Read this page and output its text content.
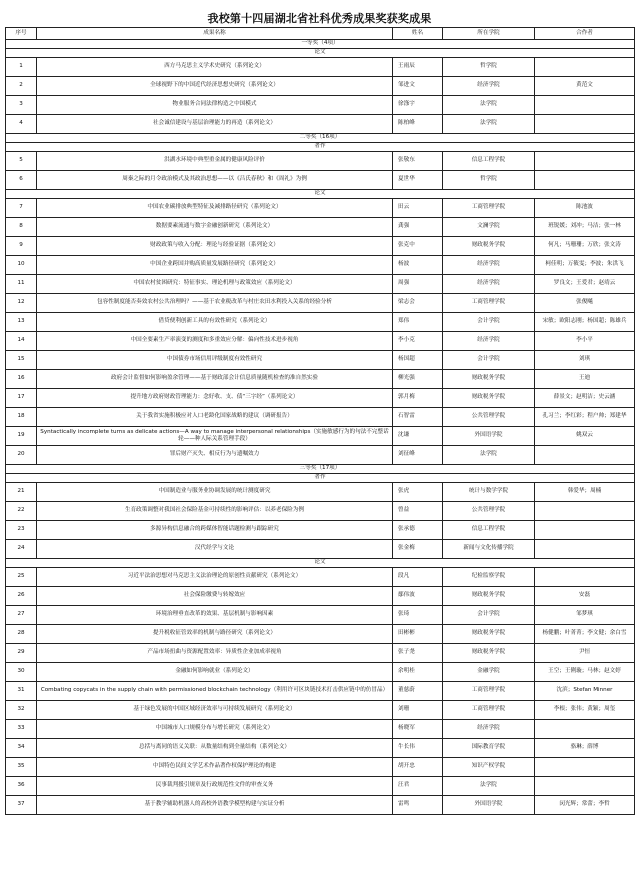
我校第十四届湖北省社科优秀成果奖获奖成果
序号	成果名称	姓名	所在学院	合作者
一等奖（4项）				
论文				
1	西方马克思主义学术史研究（系列论文）	王雨辰	哲学院	
2	全球视野下的中国近代经济思想史研究（系列论文）	邹进文	经济学院	黄范文
3	物业服务合同法律构造之中国模式	徐涤宇	法学院	
4	社会诚信建设与基层治理能力的再造（系列论文）	陈柏峰	法学院	
二等奖（16项）				
著作				
5	洪湖水环境中典型重金属的健康风险评价	张敬东	信息工程学院	
6	周秦之际的月令政治模式及其政治思想——以《吕氏春秋》和《周礼》为例	夏世华	哲学院	
论文				
7	中国农业碳排放典型特征及减排路径研究（系列论文）	田云	工商管理学院	陈池波
8	数据要素流通与数字金融创新研究（系列论文）	龚强	文澜学院	班锐媛；刘冲；马洁；张一林
9	财政政策与收入分配：理论与经验证据（系列论文）	张克中	财政税务学院	何凡；马珊珊；万欣；张文涛
10	中国企业跨国并购高质量发展路径研究（系列论文）	杨波	经济学院	柯佳明；万筱雯；李波；朱洪飞
11	中国农村贫困研究：特征事实、理论机理与政策效应（系列论文）	周强	经济学院	罗良文；王爱君；赵靖云
12	包容性制度能否奏效农村公共治理吗？——基于农业税改革与村庄农田水利投入关系的经验分析	梁志会	工商管理学院	张俊飚
13	借贷便利创新工具的有效性研究（系列论文）	郑伟	会计学院	宋敏；欧阳志刚；杨国超；陈雄兵
14	中国全要素生产率演变的测度和多重效应分解：偏向性技术进步视角	李小克	经济学院	李小平
15	中国债券市场信用评级制度有效性研究	杨国超	会计学院	刘琪
16	政府会计监督如何影响盈余管理——基于财政部会计信息质量随机检查的准自然实验	柳光强	财政税务学院	王迪
17	提升地方政府财政管理能力：念好收、支、债“三字经”（系列论文）	郭月梅	财政税务学院	薛景文；赵明洁；史云涵
18	关于我省实施积极应对人口老龄化国家战略的建议（调研报告）	石智雷	公共管理学院	孔习兰；李红彩；程户帅；郑建华
19	Syntactically incomplete turns as delicate actions—A way to manage interpersonal relationships（实施敏感行为的句法不完整话轮——种人际关系管理手段）	沈谦	外国语学院	姚双云
20	罪后财产灭失、相反行为与遗嘱效力	刘征峰	法学院	
三等奖（17项）				
著作				
21	中国制造业与服务业协调发展的统计测度研究	张虎	统计与数学学院	韩爱华；周楠
22	生育政策调整对我国社会保险基金可持续性的影响评估：以养老保险为例	曾益	公共管理学院	
23	多源异构信息融合的跨媒体智能话题检测与跟踪研究	张承德	信息工程学院	
24	汉代经学与文论	张金梅	新闻与文化传播学院	
论文				
25	习近平法治思想对马克思主义法治理论的原创性贡献研究（系列论文）	段凡	纪检监察学院	
26	社会保险缴费与转嫁效应	鄢伟波	财政税务学院	安磊
27	环境治理垂直改革的效果、基层机制与影响因素	张琦	会计学院	邹梦琪
28	提升税收征管效率的机制与路径研究（系列论文）	田彬彬	财政税务学院	杨健鹏；叶菁菁；李文健；余白雪
29	产品市场扭曲与资源配置效率：异质性企业加成率视角	张子尧	财政税务学院	尹恒
30	金融如何影响就业（系列论文）	余明桂	金融学院	王空；王俐璇；马林；赵文婷
31	Combating copycats in the supply chain with permissioned blockchain technology（利用许可区块链技术打击供应链中的仿冒品）	董慈蔚	工商管理学院	沈滨；Stefan Minner
32	基于绿色发展的中国区域经济效率与可持续发展研究（系列论文）	刘珊	工商管理学院	李根；张伟；黄颖；周玺
33	中国城市人口规模分布与增长研究（系列论文）	杨晓军	经济学院	
34	总括与离同的语义关联：从数量结构到全量结构（系列论文）	牛长伟	国际教育学院	骆琳；薛博
35	中国特色民间文学艺术作品著作权保护理论的构建	胡开忠	知识产权学院	
36	民事裁判援引规章及行政规范性文件的审查义务	汪君	法学院	
37	基于教学辅助机器人的高校外语教学模型构建与实证分析	雷鸣	外国语学院	闵光辉；常蕾；李哲
